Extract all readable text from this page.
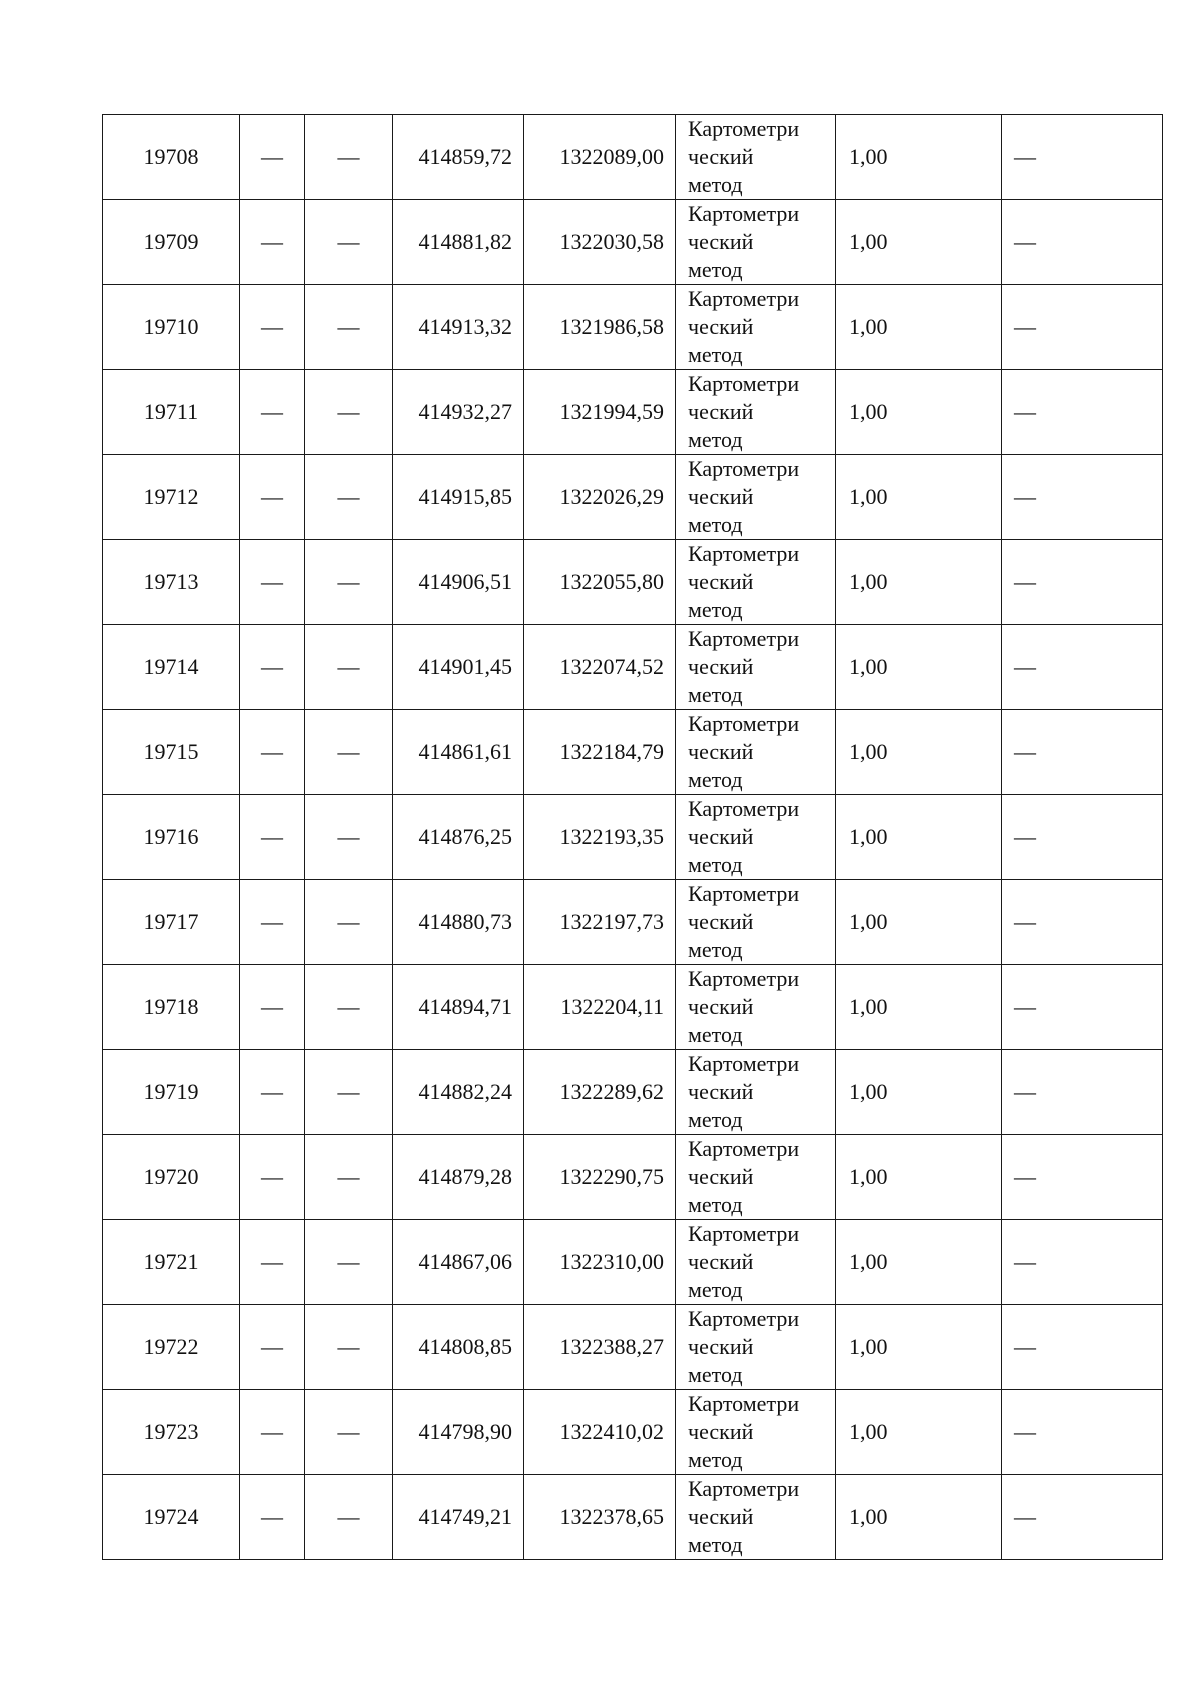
19708	—	—	414859,72	1322089,00	Картометри
ческий
метод	1,00	—
19709	—	—	414881,82	1322030,58	Картометри
ческий
метод	1,00	—
19710	—	—	414913,32	1321986,58	Картометри
ческий
метод	1,00	—
19711	—	—	414932,27	1321994,59	Картометри
ческий
метод	1,00	—
19712	—	—	414915,85	1322026,29	Картометри
ческий
метод	1,00	—
19713	—	—	414906,51	1322055,80	Картометри
ческий
метод	1,00	—
19714	—	—	414901,45	1322074,52	Картометри
ческий
метод	1,00	—
19715	—	—	414861,61	1322184,79	Картометри
ческий
метод	1,00	—
19716	—	—	414876,25	1322193,35	Картометри
ческий
метод	1,00	—
19717	—	—	414880,73	1322197,73	Картометри
ческий
метод	1,00	—
19718	—	—	414894,71	1322204,11	Картометри
ческий
метод	1,00	—
19719	—	—	414882,24	1322289,62	Картометри
ческий
метод	1,00	—
19720	—	—	414879,28	1322290,75	Картометри
ческий
метод	1,00	—
19721	—	—	414867,06	1322310,00	Картометри
ческий
метод	1,00	—
19722	—	—	414808,85	1322388,27	Картометри
ческий
метод	1,00	—
19723	—	—	414798,90	1322410,02	Картометри
ческий
метод	1,00	—
19724	—	—	414749,21	1322378,65	Картометри
ческий
метод	1,00	—
